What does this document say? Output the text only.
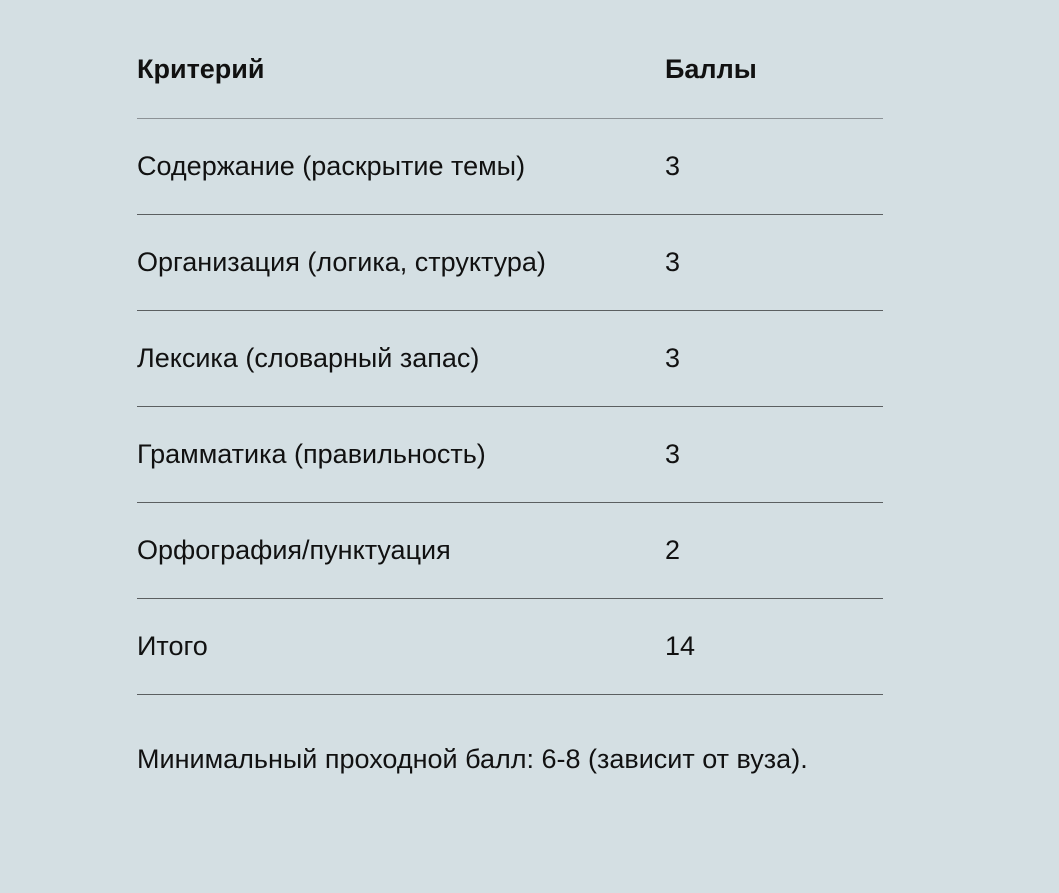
Критерий	Баллы
Содержание (раскрытие темы)	3
Организация (логика, структура)	3
Лексика (словарный запас)	3
Грамматика (правильность)	3
Орфография/пунктуация	2
Итого	14
Минимальный проходной балл: 6-8 (зависит от вуза).
